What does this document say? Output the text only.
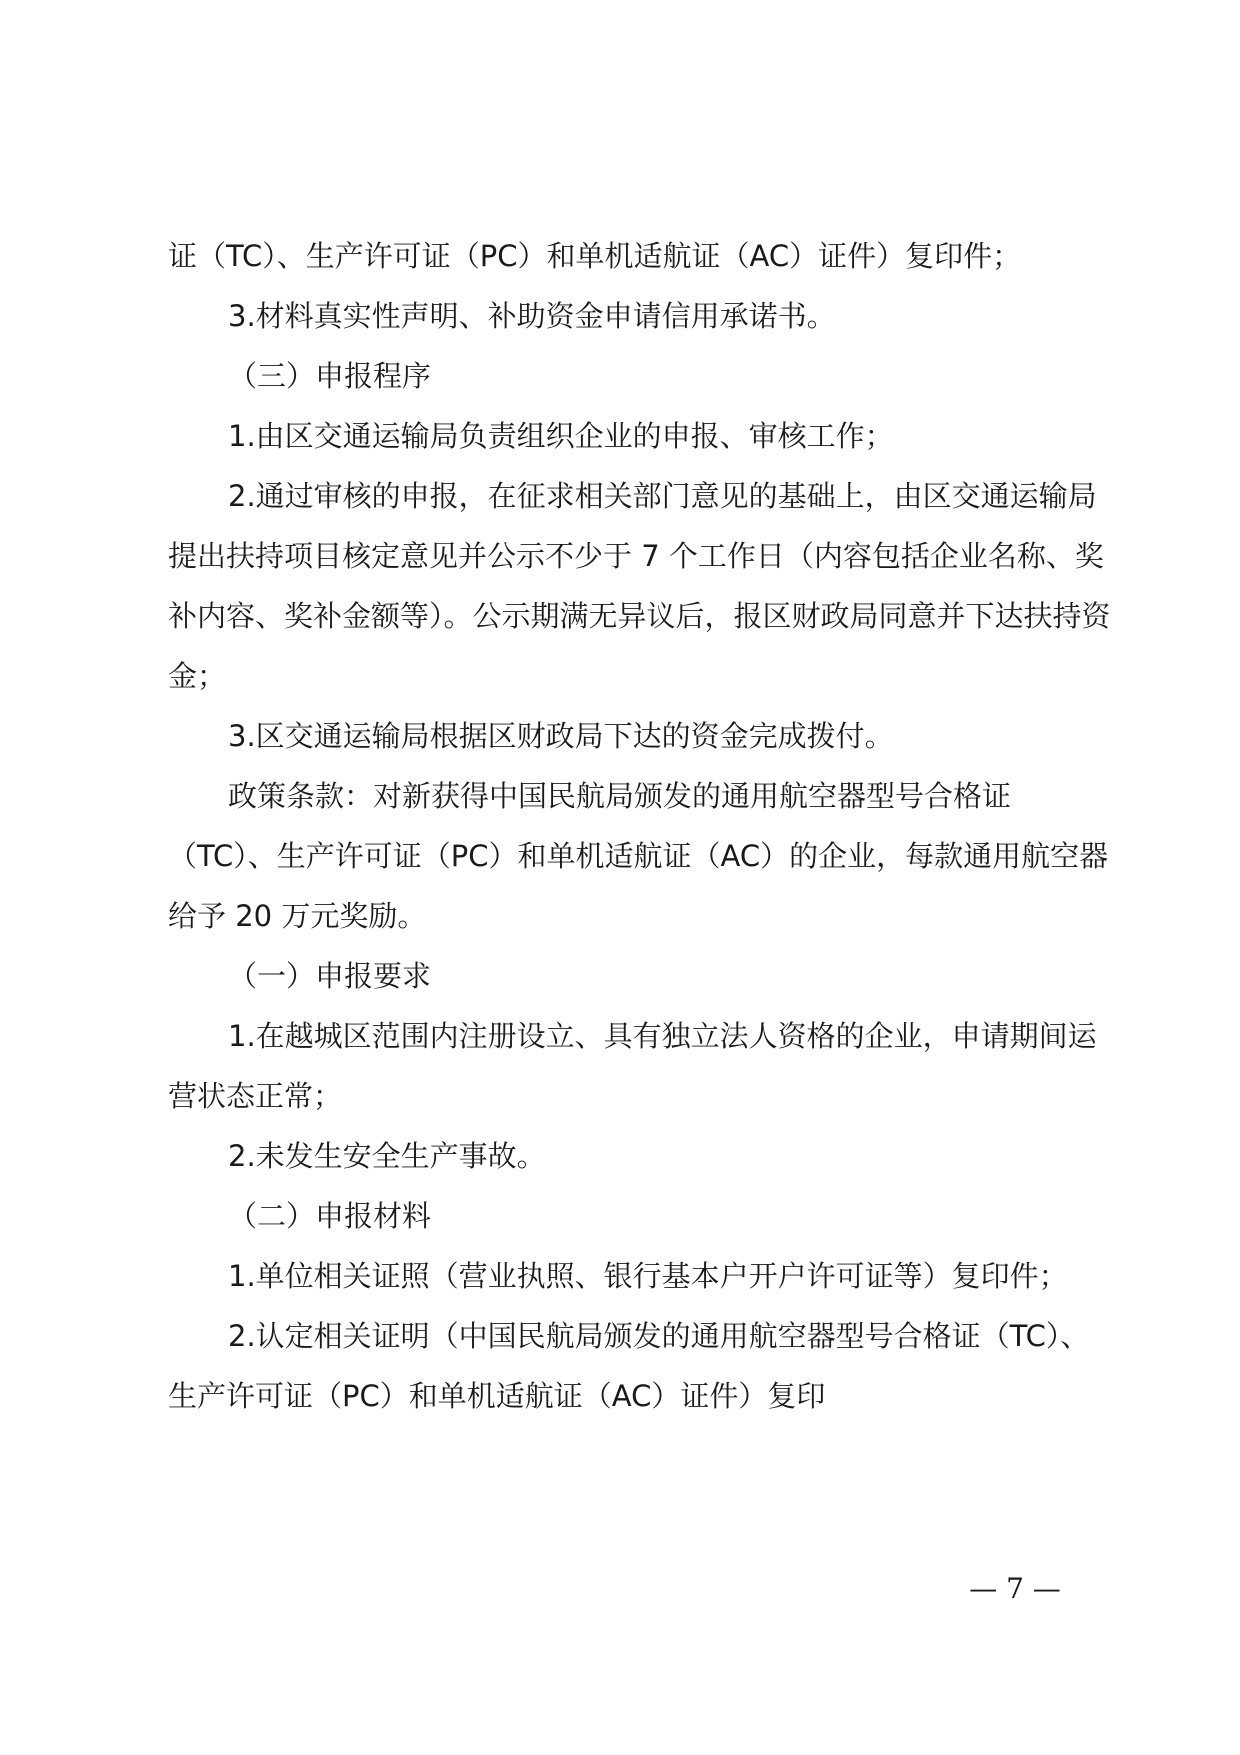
证（TC）、生产许可证（PC）和单机适航证（AC）证件）复印件；

3.材料真实性声明、补助资金申请信用承诺书。

（三）申报程序

1.由区交通运输局负责组织企业的申报、审核工作；

2.通过审核的申报，在征求相关部门意见的基础上，由区交通运输局提出扶持项目核定意见并公示不少于 7 个工作日（内容包括企业名称、奖补内容、奖补金额等）。公示期满无异议后，报区财政局同意并下达扶持资金；

3.区交通运输局根据区财政局下达的资金完成拨付。

政策条款：对新获得中国民航局颁发的通用航空器型号合格证（TC）、生产许可证（PC）和单机适航证（AC）的企业，每款通用航空器给予 20 万元奖励。

（一）申报要求

1.在越城区范围内注册设立、具有独立法人资格的企业，申请期间运营状态正常；

2.未发生安全生产事故。

（二）申报材料

1.单位相关证照（营业执照、银行基本户开户许可证等）复印件；

2.认定相关证明（中国民航局颁发的通用航空器型号合格证（TC）、生产许可证（PC）和单机适航证（AC）证件）复印

— 7 —
